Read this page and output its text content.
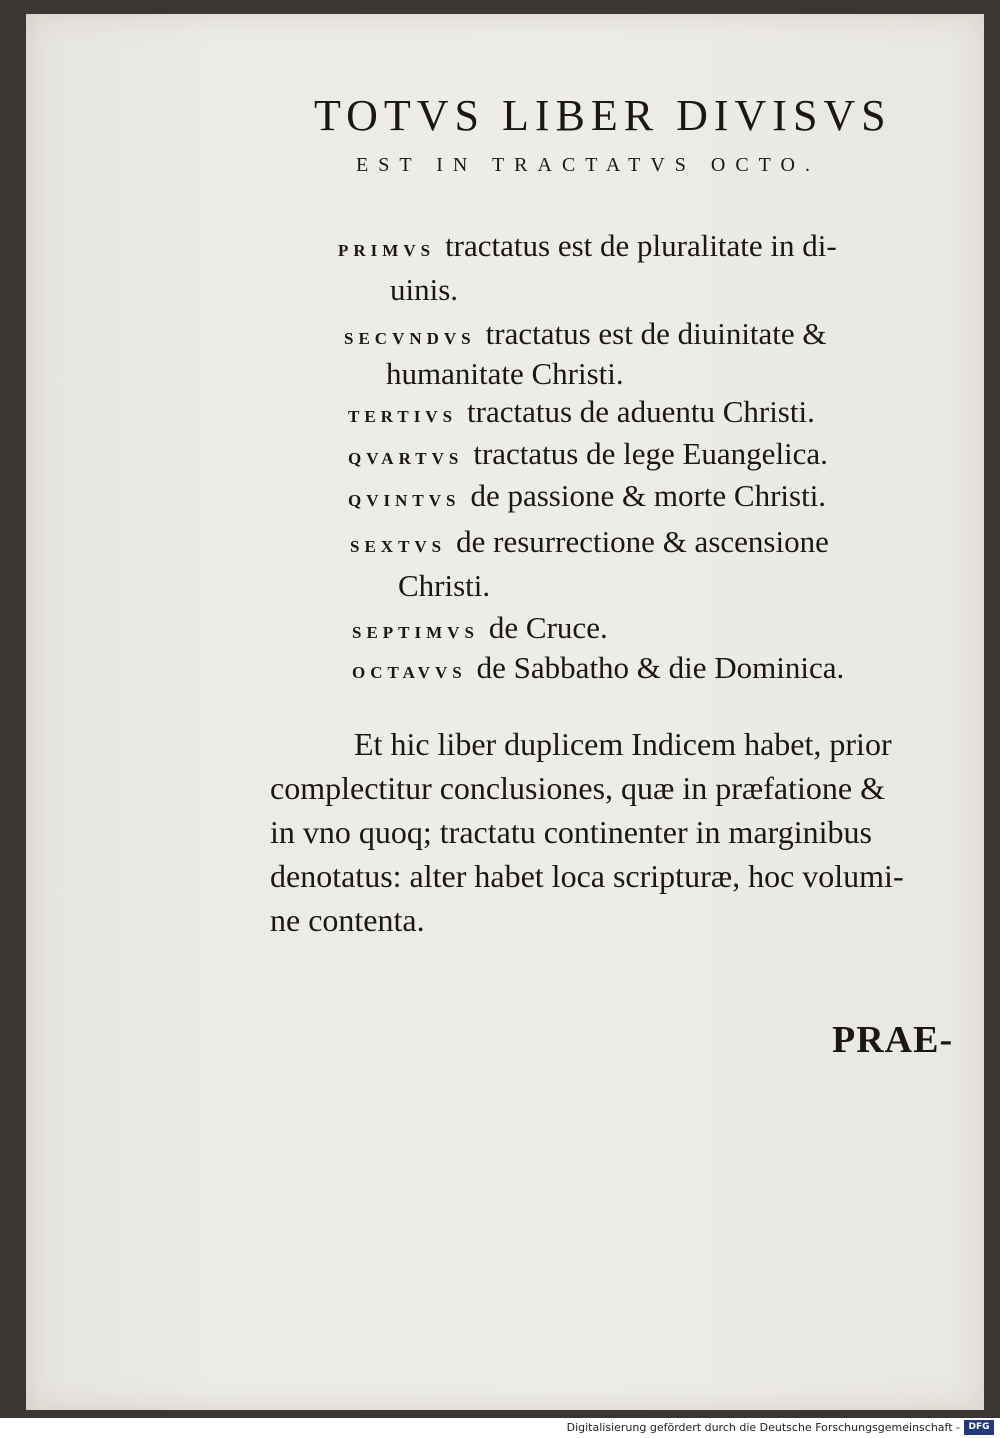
TOTVS LIBER DIVISVS
EST IN TRACTATVS OCTO.
PRIMVS tractatus est de pluralitate in di-
uinis.
SECVNDVS tractatus est de diuinitate &
humanitate Christi.
TERTIVS tractatus de aduentu Christi.
QVARTVS tractatus de lege Euangelica.
QVINTVS de passione & morte Christi.
SEXTVS de resurrectione & ascensione
Christi.
SEPTIMVS de Cruce.
OCTAVVS de Sabbatho & die Dominica.
Et hic liber duplicem Indicem habet, prior
complectitur conclusiones, quæ in præfatione &
in vno quoq; tractatu continenter in marginibus
denotatus: alter habet loca scripturæ, hoc volumi-
ne contenta.
PRAE-
Digitalisierung gefördert durch die Deutsche Forschungsgemeinschaft - DFG
